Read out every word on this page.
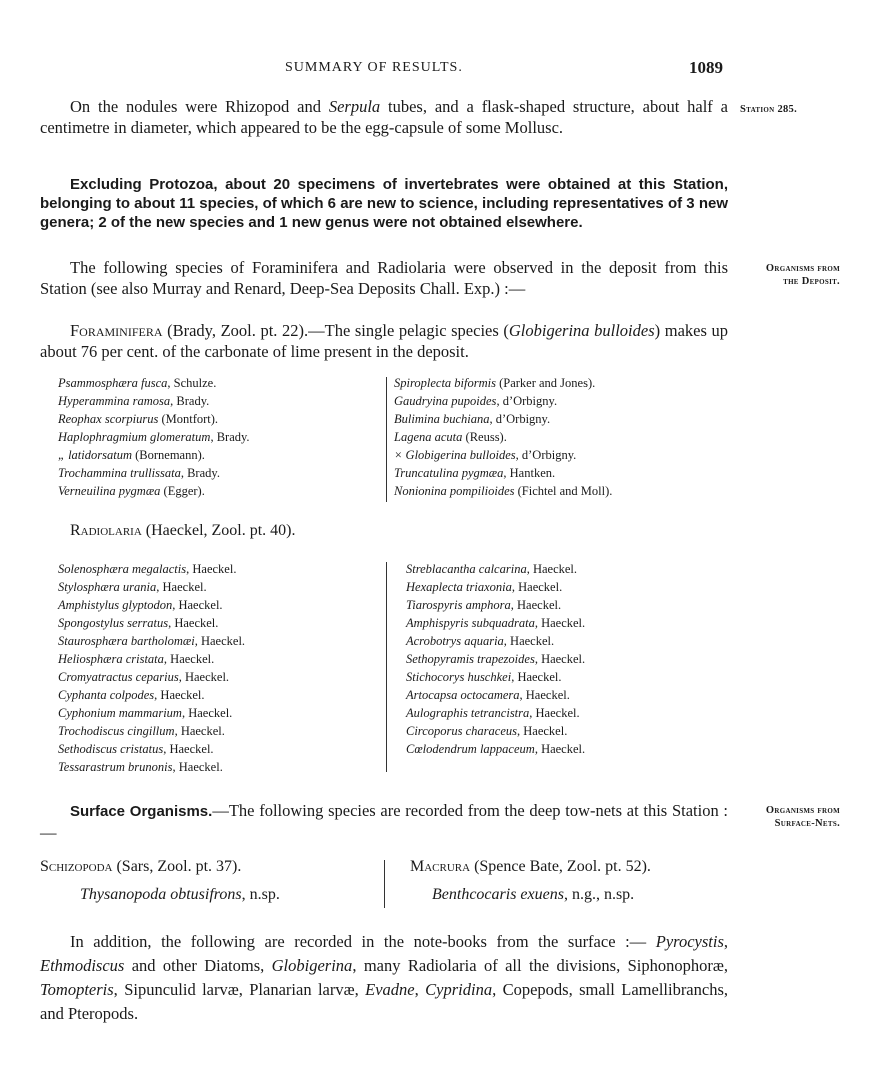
SUMMARY OF RESULTS.	1089

On the nodules were Rhizopod and Serpula tubes, and a flask-shaped structure, about half a centimetre in diameter, which appeared to be the egg-capsule of some Mollusc.

Station 285.

Excluding Protozoa, about 20 specimens of invertebrates were obtained at this Station, belonging to about 11 species, of which 6 are new to science, including representatives of 3 new genera; 2 of the new species and 1 new genus were not obtained elsewhere.

The following species of Foraminifera and Radiolaria were observed in the deposit from this Station (see also Murray and Renard, Deep-Sea Deposits Chall. Exp.) :—

Organisms from
the Deposit.

Foraminifera (Brady, Zool. pt. 22).—The single pelagic species (Globigerina bulloides) makes up about 76 per cent. of the carbonate of lime present in the deposit.

Psammosphæra fusca, Schulze.
Hyperammina ramosa, Brady.
Reophax scorpiurus (Montfort).
Haplophragmium glomeratum, Brady.
„ latidorsatum (Bornemann).
Trochammina trullissata, Brady.
Verneuilina pygmæa (Egger).
Spiroplecta biformis (Parker and Jones).
Gaudryina pupoides, d’Orbigny.
Bulimina buchiana, d’Orbigny.
Lagena acuta (Reuss).
× Globigerina bulloides, d’Orbigny.
Truncatulina pygmæa, Hantken.
Nonionina pompilioides (Fichtel and Moll).
Radiolaria (Haeckel, Zool. pt. 40).
Solenosphæra megalactis, Haeckel.
Stylosphæra urania, Haeckel.
Amphistylus glyptodon, Haeckel.
Spongostylus serratus, Haeckel.
Staurosphæra bartholomæi, Haeckel.
Heliosphæra cristata, Haeckel.
Cromyatractus ceparius, Haeckel.
Cyphanta colpodes, Haeckel.
Cyphonium mammarium, Haeckel.
Trochodiscus cingillum, Haeckel.
Sethodiscus cristatus, Haeckel.
Tessarastrum brunonis, Haeckel.
Streblacantha calcarina, Haeckel.
Hexaplecta triaxonia, Haeckel.
Tiarospyris amphora, Haeckel.
Amphispyris subquadrata, Haeckel.
Acrobotrys aquaria, Haeckel.
Sethopyramis trapezoides, Haeckel.
Stichocorys huschkei, Haeckel.
Artocapsa octocamera, Haeckel.
Aulographis tetrancistra, Haeckel.
Circoporus characeus, Haeckel.
Cœlodendrum lappaceum, Haeckel.

Surface Organisms.—The following species are recorded from the deep tow-nets at this Station :—

Organisms from
Surface-Nets.
Schizopoda (Sars, Zool. pt. 37).
Thysanopoda obtusifrons, n.sp.
Macrura (Spence Bate, Zool. pt. 52).
Benthcocaris exuens, n.g., n.sp.

In addition, the following are recorded in the note-books from the surface :— Pyrocystis, Ethmodiscus and other Diatoms, Globigerina, many Radiolaria of all the divisions, Siphonophoræ, Tomopteris, Sipunculid larvæ, Planarian larvæ, Evadne, Cypridina, Copepods, small Lamellibranchs, and Pteropods.
